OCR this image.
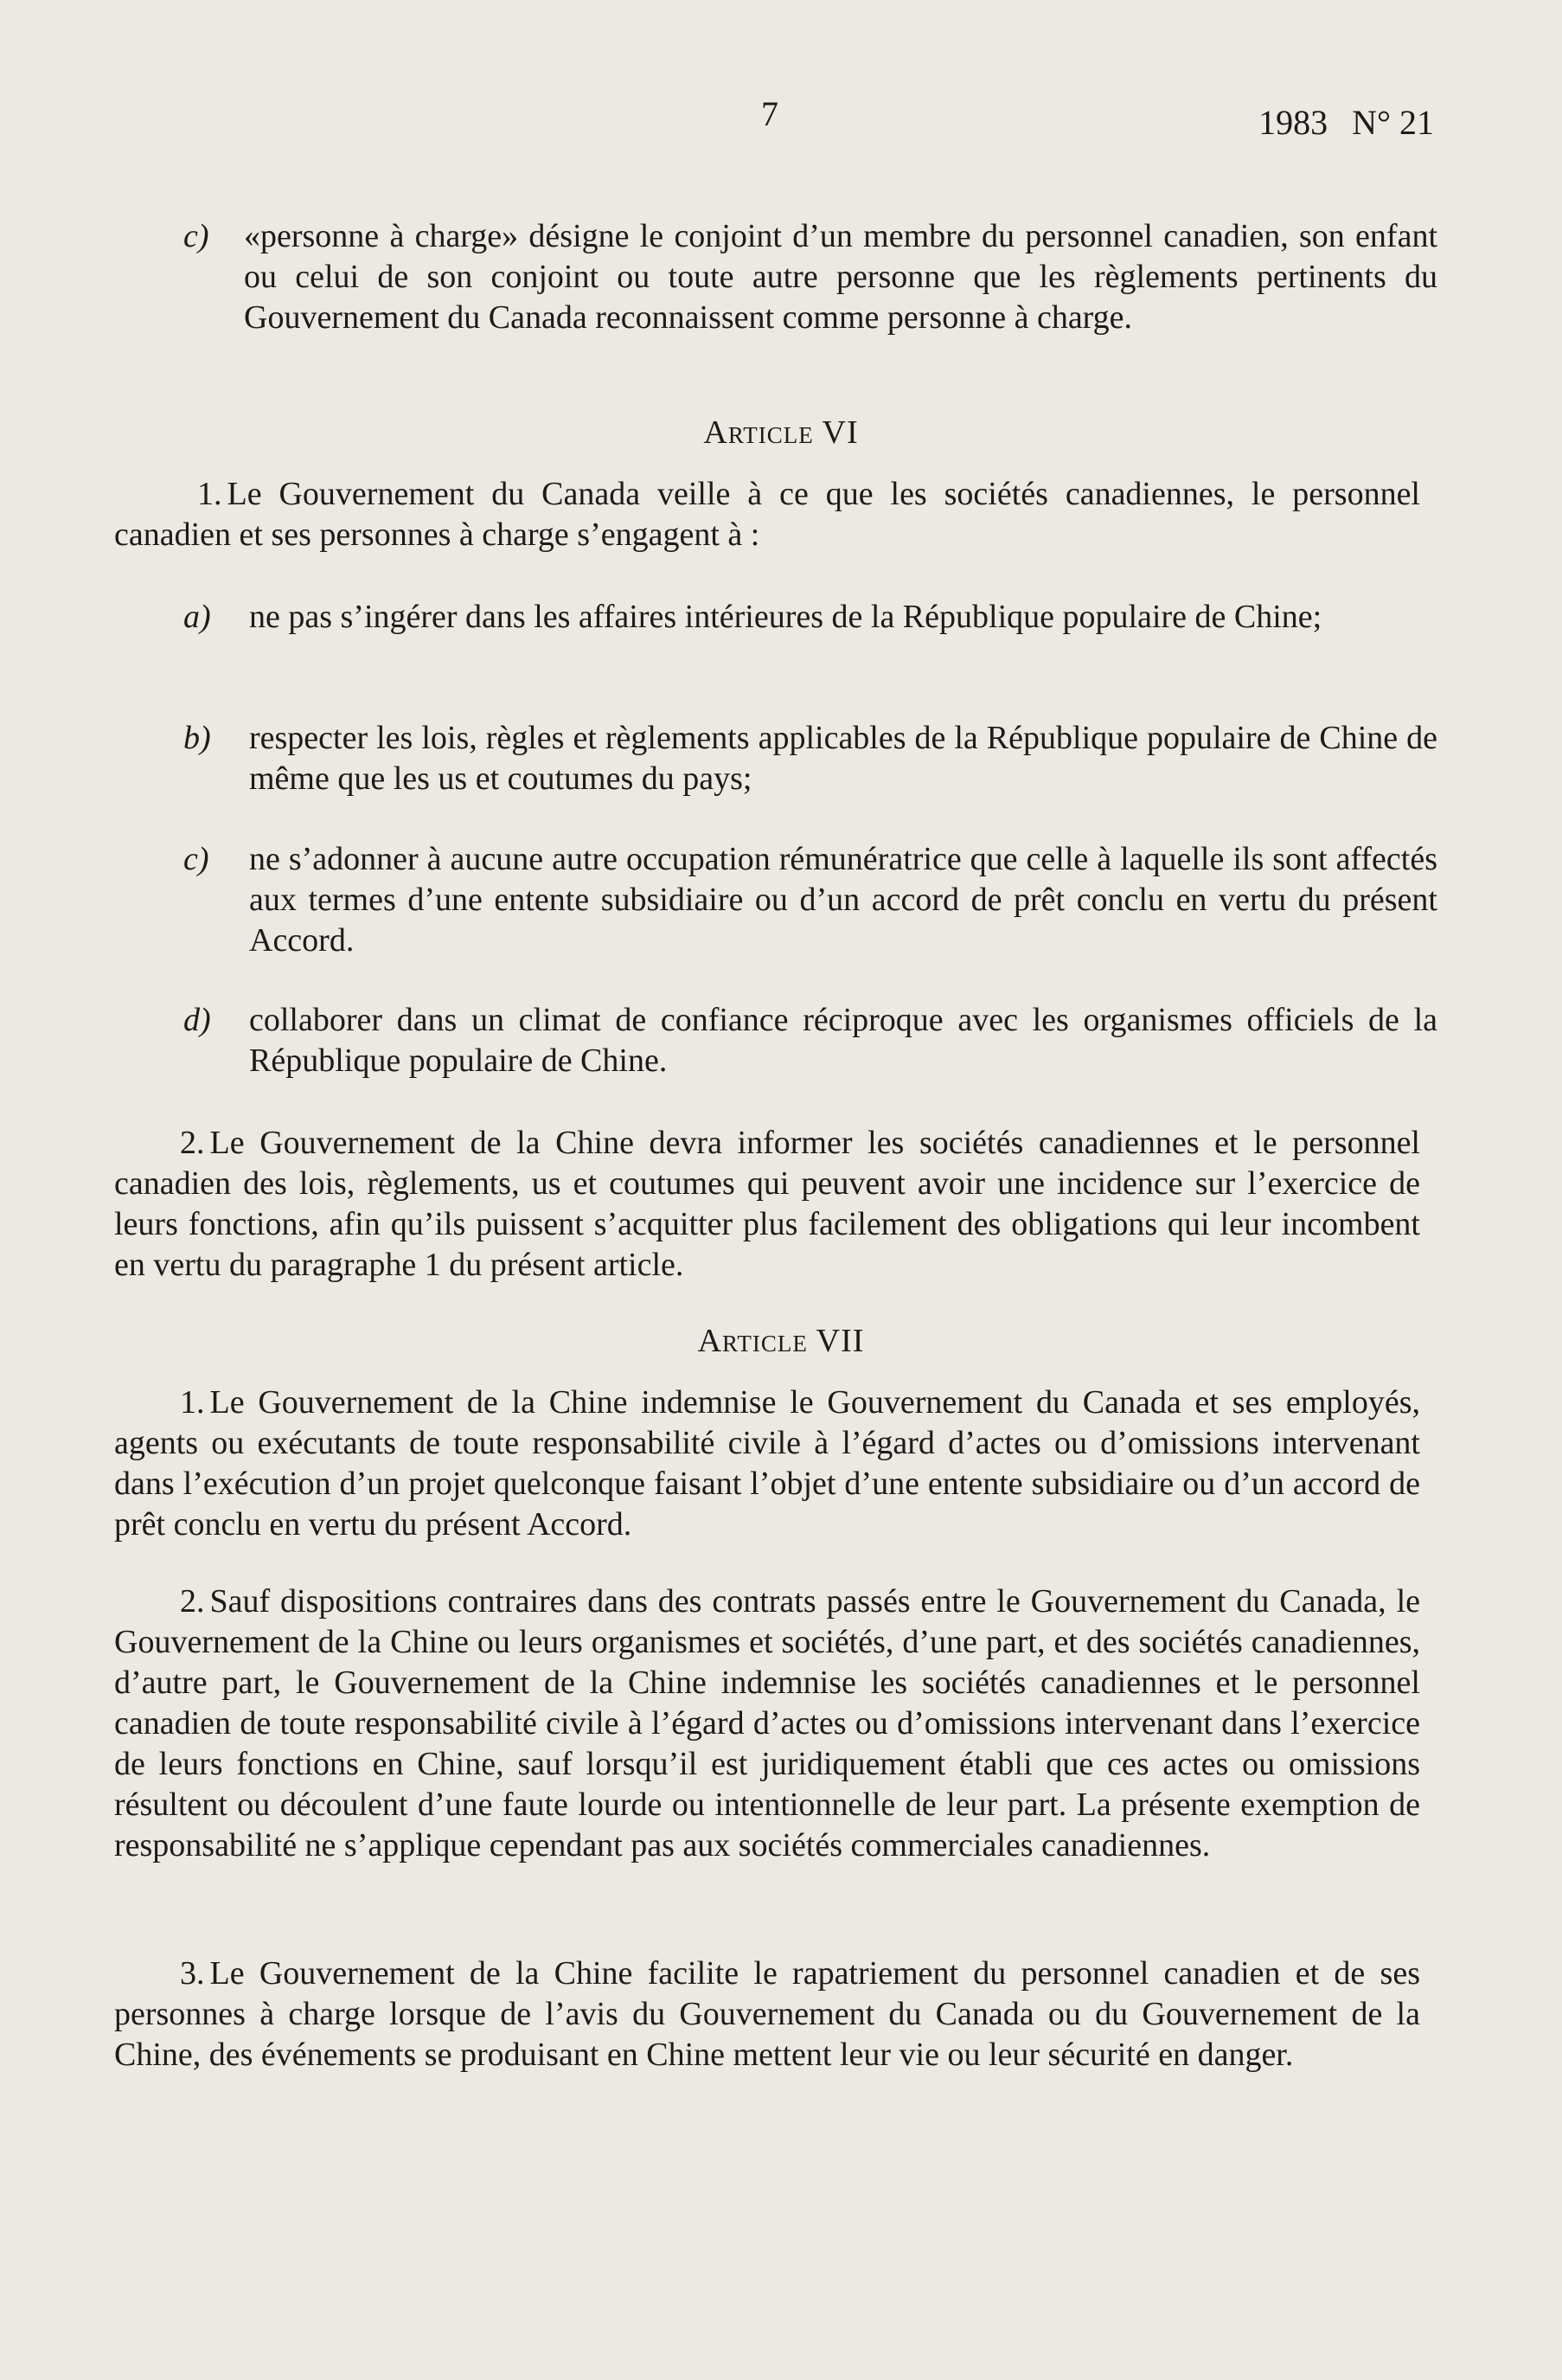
7	1983 N° 21
c) «personne à charge» désigne le conjoint d’un membre du personnel canadien, son enfant ou celui de son conjoint ou toute autre personne que les règlements pertinents du Gouvernement du Canada reconnaissent comme personne à charge.
Article VI
1. Le Gouvernement du Canada veille à ce que les sociétés canadiennes, le personnel canadien et ses personnes à charge s’engagent à :
a) ne pas s’ingérer dans les affaires intérieures de la République populaire de Chine;
b) respecter les lois, règles et règlements applicables de la République populaire de Chine de même que les us et coutumes du pays;
c) ne s’adonner à aucune autre occupation rémunératrice que celle à laquelle ils sont affectés aux termes d’une entente subsidiaire ou d’un accord de prêt conclu en vertu du présent Accord.
d) collaborer dans un climat de confiance réciproque avec les organismes officiels de la République populaire de Chine.
2. Le Gouvernement de la Chine devra informer les sociétés canadiennes et le personnel canadien des lois, règlements, us et coutumes qui peuvent avoir une incidence sur l’exercice de leurs fonctions, afin qu’ils puissent s’acquitter plus facilement des obligations qui leur incombent en vertu du paragraphe 1 du présent article.
Article VII
1. Le Gouvernement de la Chine indemnise le Gouvernement du Canada et ses employés, agents ou exécutants de toute responsabilité civile à l’égard d’actes ou d’omissions intervenant dans l’exécution d’un projet quelconque faisant l’objet d’une entente subsidiaire ou d’un accord de prêt conclu en vertu du présent Accord.
2. Sauf dispositions contraires dans des contrats passés entre le Gouvernement du Canada, le Gouvernement de la Chine ou leurs organismes et sociétés, d’une part, et des sociétés canadiennes, d’autre part, le Gouvernement de la Chine indemnise les sociétés canadiennes et le personnel canadien de toute responsabilité civile à l’égard d’actes ou d’omissions intervenant dans l’exercice de leurs fonctions en Chine, sauf lorsqu’il est juridiquement établi que ces actes ou omissions résultent ou découlent d’une faute lourde ou intentionnelle de leur part. La présente exemption de responsabilité ne s’applique cependant pas aux sociétés commerciales canadiennes.
3. Le Gouvernement de la Chine facilite le rapatriement du personnel canadien et de ses personnes à charge lorsque de l’avis du Gouvernement du Canada ou du Gouvernement de la Chine, des événements se produisant en Chine mettent leur vie ou leur sécurité en danger.
